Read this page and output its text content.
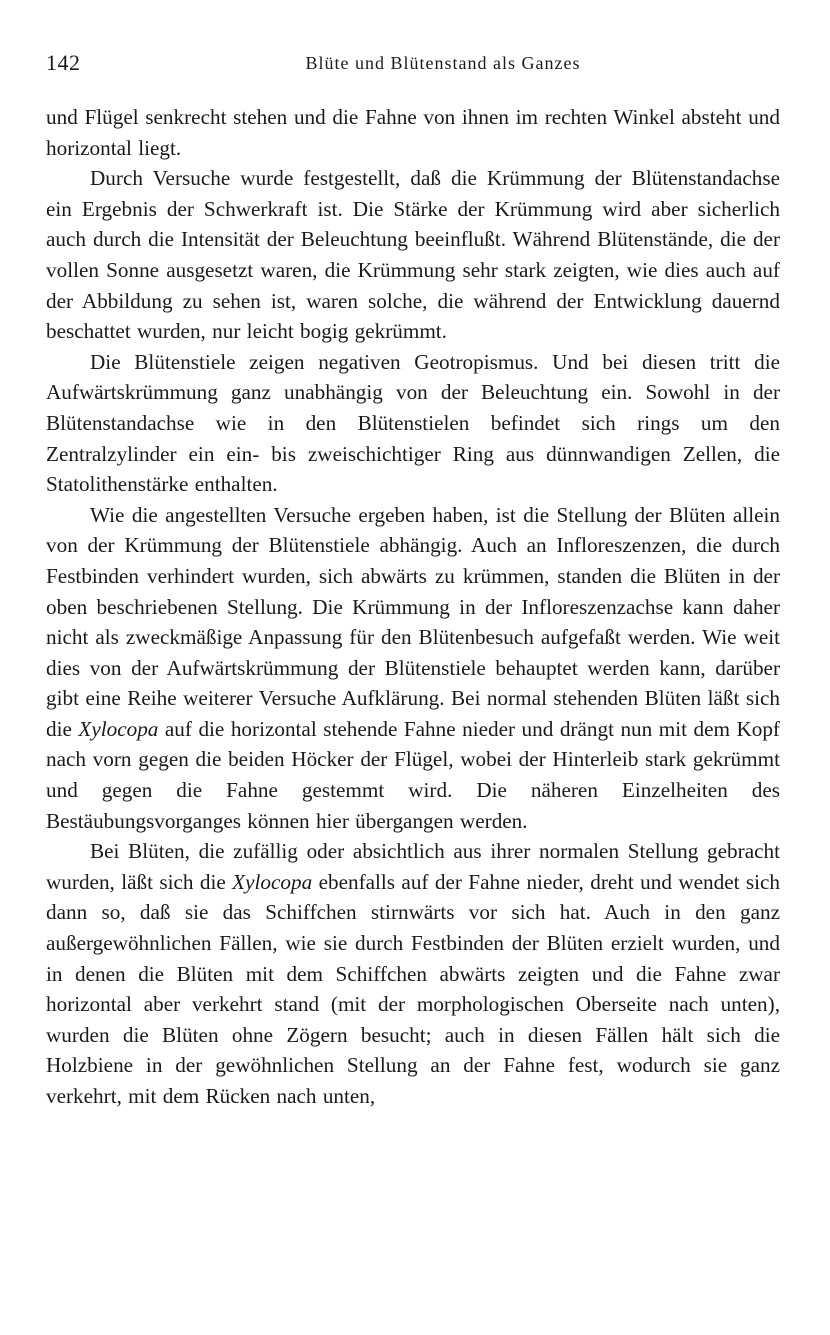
142	Blüte und Blütenstand als Ganzes

und Flügel senkrecht stehen und die Fahne von ihnen im rechten Winkel absteht und horizontal liegt.

Durch Versuche wurde festgestellt, daß die Krümmung der Blütenstandachse ein Ergebnis der Schwerkraft ist. Die Stärke der Krümmung wird aber sicherlich auch durch die Intensität der Beleuchtung beeinflußt. Während Blütenstände, die der vollen Sonne ausgesetzt waren, die Krümmung sehr stark zeigten, wie dies auch auf der Abbildung zu sehen ist, waren solche, die während der Entwicklung dauernd beschattet wurden, nur leicht bogig gekrümmt.

Die Blütenstiele zeigen negativen Geotropismus. Und bei diesen tritt die Aufwärtskrümmung ganz unabhängig von der Beleuchtung ein. Sowohl in der Blütenstandachse wie in den Blütenstielen befindet sich rings um den Zentralzylinder ein ein- bis zweischichtiger Ring aus dünnwandigen Zellen, die Statolithenstärke enthalten.

Wie die angestellten Versuche ergeben haben, ist die Stellung der Blüten allein von der Krümmung der Blütenstiele abhängig. Auch an Infloreszenzen, die durch Festbinden verhindert wurden, sich abwärts zu krümmen, standen die Blüten in der oben beschriebenen Stellung. Die Krümmung in der Infloreszenzachse kann daher nicht als zweckmäßige Anpassung für den Blütenbesuch aufgefaßt werden. Wie weit dies von der Aufwärtskrümmung der Blütenstiele behauptet werden kann, darüber gibt eine Reihe weiterer Versuche Aufklärung. Bei normal stehenden Blüten läßt sich die Xylocopa auf die horizontal stehende Fahne nieder und drängt nun mit dem Kopf nach vorn gegen die beiden Höcker der Flügel, wobei der Hinterleib stark gekrümmt und gegen die Fahne gestemmt wird. Die näheren Einzelheiten des Bestäubungsvorganges können hier übergangen werden.

Bei Blüten, die zufällig oder absichtlich aus ihrer normalen Stellung gebracht wurden, läßt sich die Xylocopa ebenfalls auf der Fahne nieder, dreht und wendet sich dann so, daß sie das Schiffchen stirnwärts vor sich hat. Auch in den ganz außergewöhnlichen Fällen, wie sie durch Festbinden der Blüten erzielt wurden, und in denen die Blüten mit dem Schiffchen abwärts zeigten und die Fahne zwar horizontal aber verkehrt stand (mit der morphologischen Oberseite nach unten), wurden die Blüten ohne Zögern besucht; auch in diesen Fällen hält sich die Holzbiene in der gewöhnlichen Stellung an der Fahne fest, wodurch sie ganz verkehrt, mit dem Rücken nach unten,
